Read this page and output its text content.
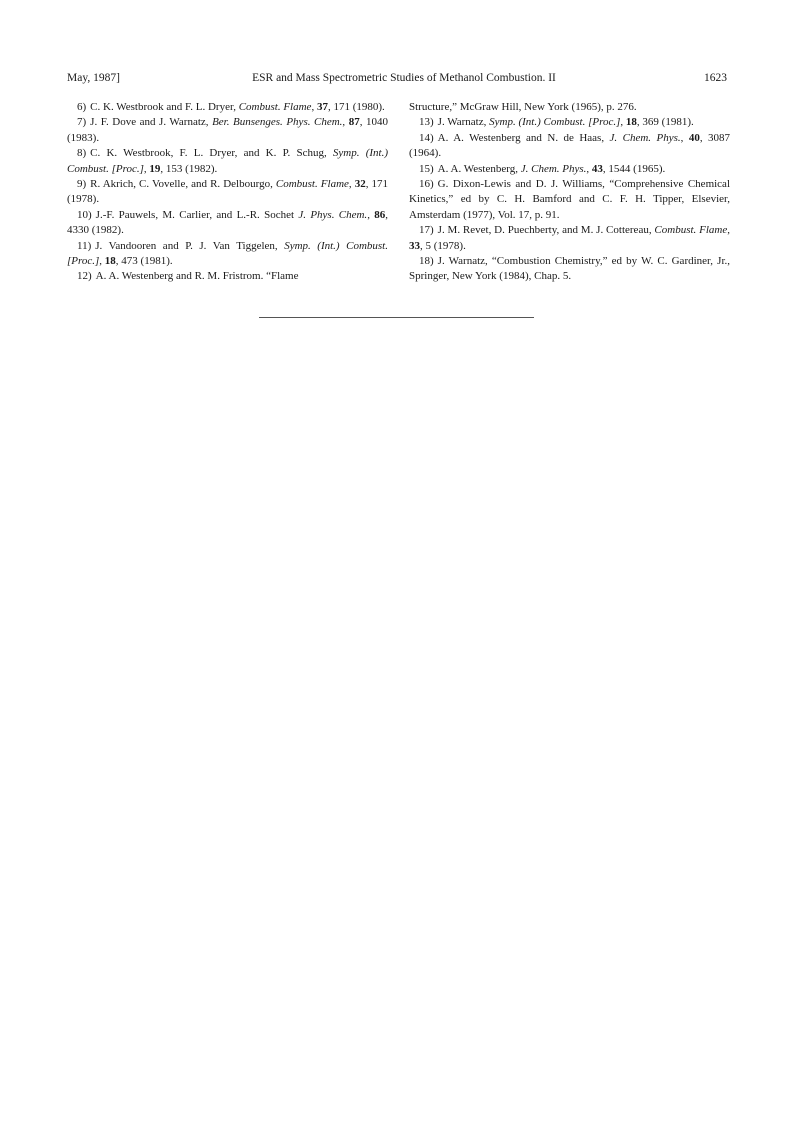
May, 1987]	ESR and Mass Spectrometric Studies of Methanol Combustion. II	1623

6) C. K. Westbrook and F. L. Dryer, Combust. Flame, 37, 171 (1980).

7) J. F. Dove and J. Warnatz, Ber. Bunsenges. Phys. Chem., 87, 1040 (1983).

8) C. K. Westbrook, F. L. Dryer, and K. P. Schug, Symp. (Int.) Combust. [Proc.], 19, 153 (1982).

9) R. Akrich, C. Vovelle, and R. Delbourgo, Combust. Flame, 32, 171 (1978).

10) J.-F. Pauwels, M. Carlier, and L.-R. Sochet J. Phys. Chem., 86, 4330 (1982).

11) J. Vandooren and P. J. Van Tiggelen, Symp. (Int.) Combust. [Proc.], 18, 473 (1981).

12) A. A. Westenberg and R. M. Fristrom. “Flame

Structure,” McGraw Hill, New York (1965), p. 276.

13) J. Warnatz, Symp. (Int.) Combust. [Proc.], 18, 369 (1981).

14) A. A. Westenberg and N. de Haas, J. Chem. Phys., 40, 3087 (1964).

15) A. A. Westenberg, J. Chem. Phys., 43, 1544 (1965).

16) G. Dixon-Lewis and D. J. Williams, “Comprehensive Chemical Kinetics,” ed by C. H. Bamford and C. F. H. Tipper, Elsevier, Amsterdam (1977), Vol. 17, p. 91.

17) J. M. Revet, D. Puechberty, and M. J. Cottereau, Combust. Flame, 33, 5 (1978).

18) J. Warnatz, “Combustion Chemistry,” ed by W. C. Gardiner, Jr., Springer, New York (1984), Chap. 5.
